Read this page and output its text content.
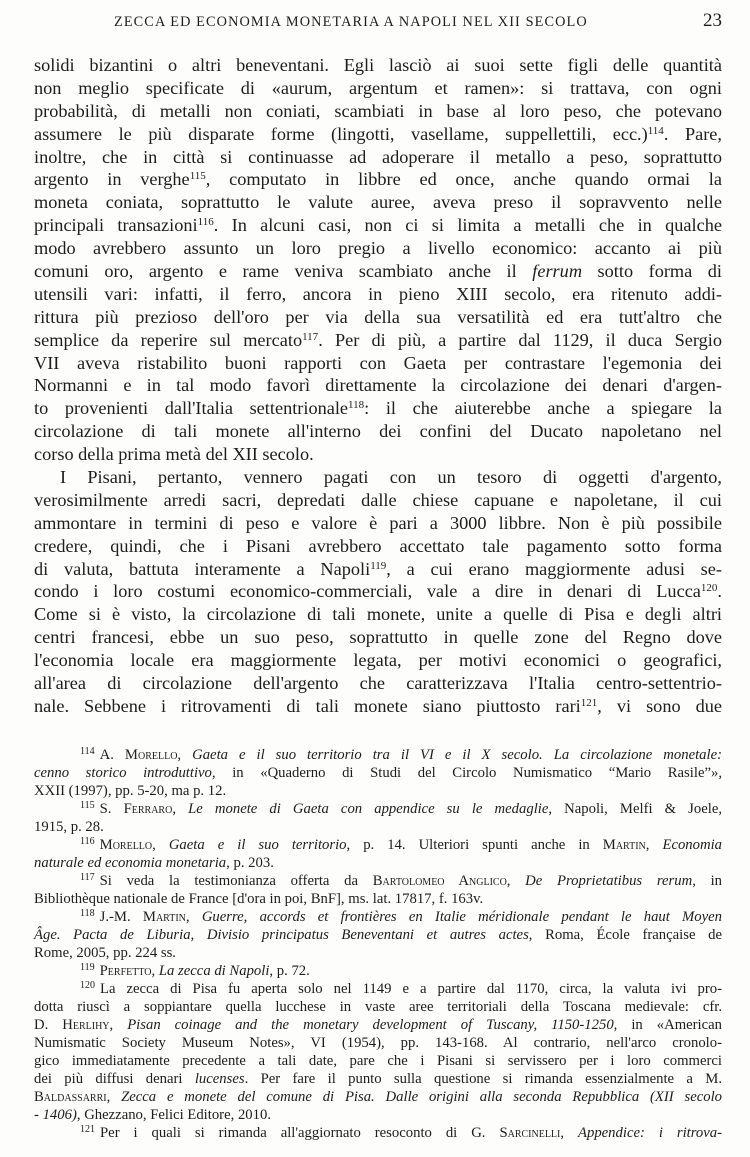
ZECCA ED ECONOMIA MONETARIA A NAPOLI NEL XII SECOLO	23
solidi bizantini o altri beneventani. Egli lasciò ai suoi sette figli delle quantità
non meglio specificate di «aurum, argentum et ramen»: si trattava, con ogni
probabilità, di metalli non coniati, scambiati in base al loro peso, che potevano
assumere le più disparate forme (lingotti, vasellame, suppellettili, ecc.)$^{114}$. Pare,
inoltre, che in città si continuasse ad adoperare il metallo a peso, soprattutto
argento in verghe$^{115}$, computato in libbre ed once, anche quando ormai la
moneta coniata, soprattutto le valute auree, aveva preso il sopravvento nelle
principali transazioni$^{116}$. In alcuni casi, non ci si limita a metalli che in qualche
modo avrebbero assunto un loro pregio a livello economico: accanto ai più
comuni oro, argento e rame veniva scambiato anche il ferrum sotto forma di
utensili vari: infatti, il ferro, ancora in pieno XIII secolo, era ritenuto addi-
rittura più prezioso dell'oro per via della sua versatilità ed era tutt'altro che
semplice da reperire sul mercato$^{117}$. Per di più, a partire dal 1129, il duca Sergio
VII aveva ristabilito buoni rapporti con Gaeta per contrastare l'egemonia dei
Normanni e in tal modo favorì direttamente la circolazione dei denari d'argen-
to provenienti dall'Italia settentrionale$^{118}$: il che aiuterebbe anche a spiegare la
circolazione di tali monete all'interno dei confini del Ducato napoletano nel
corso della prima metà del XII secolo.
I Pisani, pertanto, vennero pagati con un tesoro di oggetti d'argento,
verosimilmente arredi sacri, depredati dalle chiese capuane e napoletane, il cui
ammontare in termini di peso e valore è pari a 3000 libbre. Non è più possibile
credere, quindi, che i Pisani avrebbero accettato tale pagamento sotto forma
di valuta, battuta interamente a Napoli$^{119}$, a cui erano maggiormente adusi se-
condo i loro costumi economico-commerciali, vale a dire in denari di Lucca$^{120}$.
Come si è visto, la circolazione di tali monete, unite a quelle di Pisa e degli altri
centri francesi, ebbe un suo peso, soprattutto in quelle zone del Regno dove
l'economia locale era maggiormente legata, per motivi economici o geografici,
all'area di circolazione dell'argento che caratterizzava l'Italia centro-settentrio-
nale. Sebbene i ritrovamenti di tali monete siano piuttosto rari$^{121}$, vi sono due
$^{114}$ A. Morello, Gaeta e il suo territorio tra il VI e il X secolo. La circolazione monetale:
cenno storico introduttivo, in «Quaderno di Studi del Circolo Numismatico “Mario Rasile”»,
XXII (1997), pp. 5-20, ma p. 12.
$^{115}$ S. Ferraro, Le monete di Gaeta con appendice su le medaglie, Napoli, Melfi & Joele,
1915, p. 28.
$^{116}$ Morello, Gaeta e il suo territorio, p. 14. Ulteriori spunti anche in Martin, Economia
naturale ed economia monetaria, p. 203.
$^{117}$ Si veda la testimonianza offerta da Bartolomeo Anglico, De Proprietatibus rerum, in
Bibliothèque nationale de France [d'ora in poi, BnF], ms. lat. 17817, f. 163v.
$^{118}$ J.-M. Martin, Guerre, accords et frontières en Italie méridionale pendant le haut Moyen
Âge. Pacta de Liburia, Divisio principatus Beneventani et autres actes, Roma, École française de
Rome, 2005, pp. 224 ss.
$^{119}$ Perfetto, La zecca di Napoli, p. 72.
$^{120}$ La zecca di Pisa fu aperta solo nel 1149 e a partire dal 1170, circa, la valuta ivi pro-
dotta riuscì a soppiantare quella lucchese in vaste aree territoriali della Toscana medievale: cfr.
D. Herlihy, Pisan coinage and the monetary development of Tuscany, 1150-1250, in «American
Numismatic Society Museum Notes», VI (1954), pp. 143-168. Al contrario, nell'arco cronolo-
gico immediatamente precedente a tali date, pare che i Pisani si servissero per i loro commerci
dei più diffusi denari lucenses. Per fare il punto sulla questione si rimanda essenzialmente a M.
Baldassarri, Zecca e monete del comune di Pisa. Dalle origini alla seconda Repubblica (XII secolo
- 1406), Ghezzano, Felici Editore, 2010.
$^{121}$ Per i quali si rimanda all'aggiornato resoconto di G. Sarcinelli, Appendice: i ritrova-
